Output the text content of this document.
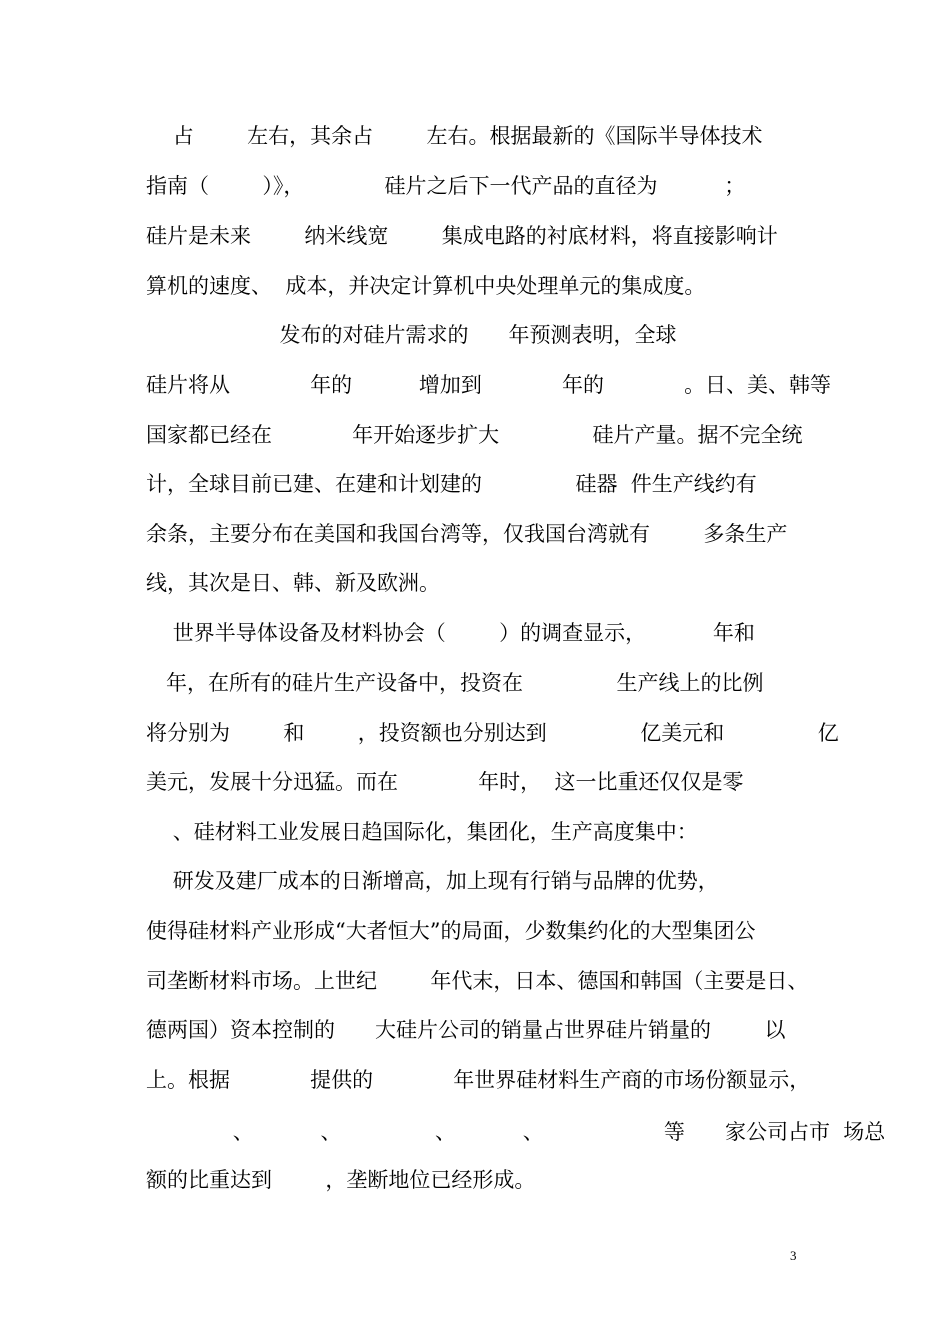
占        左右，其余占        左右。根据最新的《国际半导体技术

指南（        ）》，            硅片之后下一代产品的直径为          ；

硅片是未来        纳米线宽        集成电路的衬底材料，将直接影响计

算机的速度、  成本，并决定计算机中央处理单元的集成度。

发布的对硅片需求的      年预测表明，全球

硅片将从            年的          增加到            年的            。日、美、韩等

国家都已经在            年开始逐步扩大              硅片产量。据不完全统

计，全球目前已建、在建和计划建的              硅器  件生产线约有

余条，主要分布在美国和我国台湾等，仅我国台湾就有        多条生产

线，其次是日、韩、新及欧洲。

世界半导体设备及材料协会（        ）的调查显示，          年和

年，在所有的硅片生产设备中，投资在              生产线上的比例

将分别为        和        ，投资额也分别达到              亿美元和              亿

美元，发展十分迅猛。而在            年时，  这一比重还仅仅是零

、硅材料工业发展日趋国际化，集团化，生产高度集中：

研发及建厂成本的日渐增高，加上现有行销与品牌的优势，

使得硅材料产业形成“大者恒大”的局面，少数集约化的大型集团公

司垄断材料市场。上世纪        年代末，日本、德国和韩国（主要是日、

德两国）资本控制的      大硅片公司的销量占世界硅片销量的        以

上。根据            提供的            年世界硅材料生产商的市场份额显示，

、          、              、          、                  等      家公司占市  场总

额的比重达到        ，垄断地位已经形成。

3
